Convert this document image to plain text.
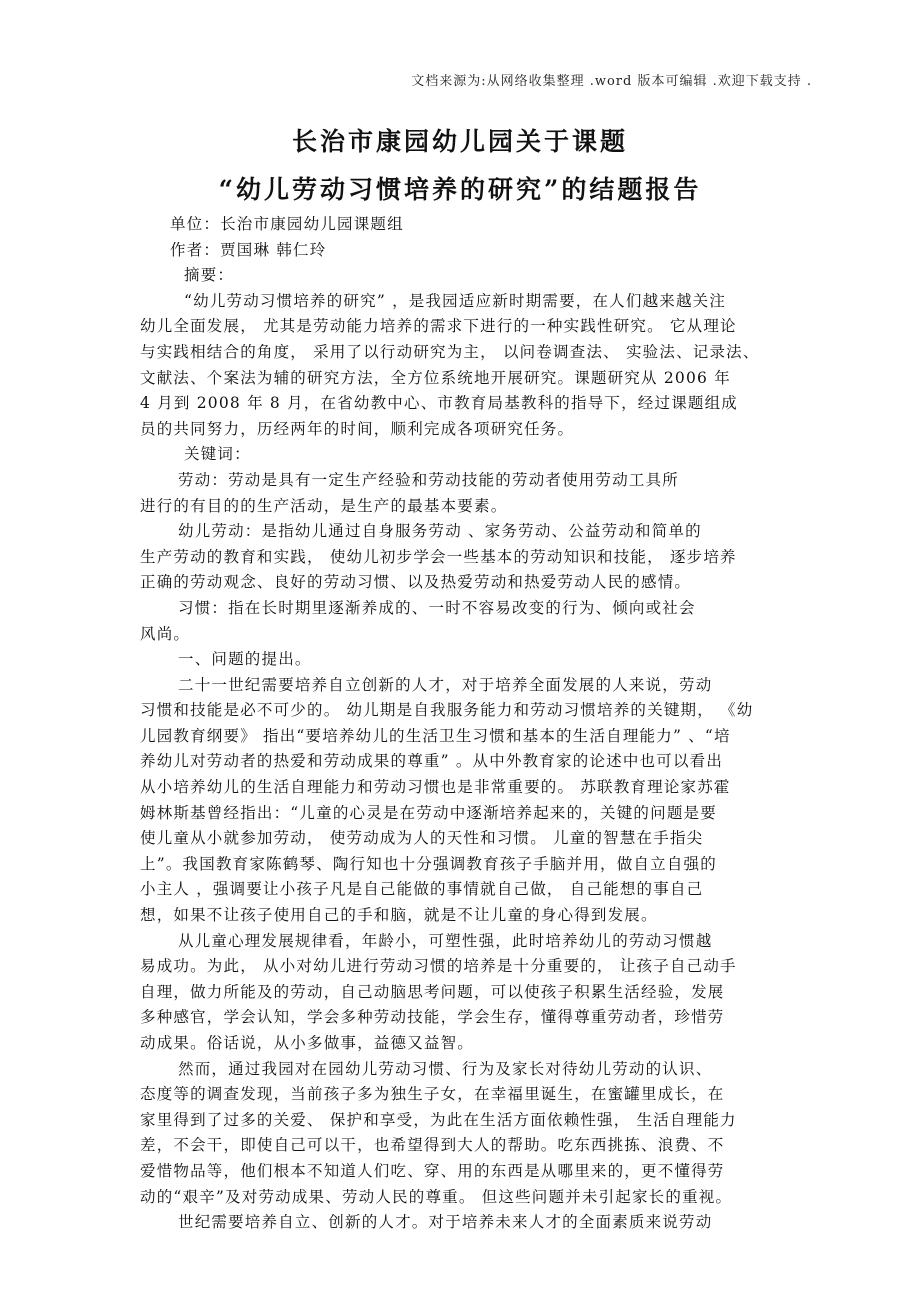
文档来源为:从网络收集整理 .word 版本可编辑 .欢迎下载支持 .
长治市康园幼儿园关于课题
“幼儿劳动习惯培养的研究”的结题报告
单位：长治市康园幼儿园课题组
作者：贾国琳 韩仁玲
摘要：
“幼儿劳动习惯培养的研究” ，是我园适应新时期需要，在人们越来越关注
幼儿全面发展， 尤其是劳动能力培养的需求下进行的一种实践性研究。 它从理论
与实践相结合的角度， 采用了以行动研究为主， 以问卷调查法、 实验法、记录法、
文献法、个案法为辅的研究方法，全方位系统地开展研究。课题研究从 2006 年
4 月到 2008 年 8 月，在省幼教中心、市教育局基教科的指导下，经过课题组成
员的共同努力，历经两年的时间，顺利完成各项研究任务。
关键词：
劳动：劳动是具有一定生产经验和劳动技能的劳动者使用劳动工具所
进行的有目的的生产活动，是生产的最基本要素。
幼儿劳动：是指幼儿通过自身服务劳动 、家务劳动、公益劳动和简单的
生产劳动的教育和实践， 使幼儿初步学会一些基本的劳动知识和技能， 逐步培养
正确的劳动观念、良好的劳动习惯、以及热爱劳动和热爱劳动人民的感情。
习惯：指在长时期里逐渐养成的、一时不容易改变的行为、倾向或社会
风尚。
一、问题的提出。
二十一世纪需要培养自立创新的人才，对于培养全面发展的人来说，劳动
习惯和技能是必不可少的。 幼儿期是自我服务能力和劳动习惯培养的关键期， 《幼
儿园教育纲要》 指出“要培养幼儿的生活卫生习惯和基本的生活自理能力” 、“培
养幼儿对劳动者的热爱和劳动成果的尊重” 。从中外教育家的论述中也可以看出
从小培养幼儿的生活自理能力和劳动习惯也是非常重要的。 苏联教育理论家苏霍
姆林斯基曾经指出：“儿童的心灵是在劳动中逐渐培养起来的，关键的问题是要
使儿童从小就参加劳动， 使劳动成为人的天性和习惯。 儿童的智慧在手指尖
上”。我国教育家陈鹤琴、陶行知也十分强调教育孩子手脑并用，做自立自强的
小主人 ，强调要让小孩子凡是自己能做的事情就自己做， 自己能想的事自己
想，如果不让孩子使用自己的手和脑，就是不让儿童的身心得到发展。
从儿童心理发展规律看，年龄小，可塑性强，此时培养幼儿的劳动习惯越
易成功。为此， 从小对幼儿进行劳动习惯的培养是十分重要的， 让孩子自己动手
自理，做力所能及的劳动，自己动脑思考问题，可以使孩子积累生活经验，发展
多种感官，学会认知，学会多种劳动技能，学会生存，懂得尊重劳动者，珍惜劳
动成果。俗话说，从小多做事，益德又益智。
然而，通过我园对在园幼儿劳动习惯、行为及家长对待幼儿劳动的认识、
态度等的调查发现，当前孩子多为独生子女，在幸福里诞生，在蜜罐里成长，在
家里得到了过多的关爱、 保护和享受，为此在生活方面依赖性强， 生活自理能力
差，不会干，即使自己可以干，也希望得到大人的帮助。吃东西挑拣、浪费、不
爱惜物品等，他们根本不知道人们吃、穿、用的东西是从哪里来的，更不懂得劳
动的“艰辛”及对劳动成果、劳动人民的尊重。 但这些问题并未引起家长的重视。
世纪需要培养自立、创新的人才。对于培养未来人才的全面素质来说劳动
